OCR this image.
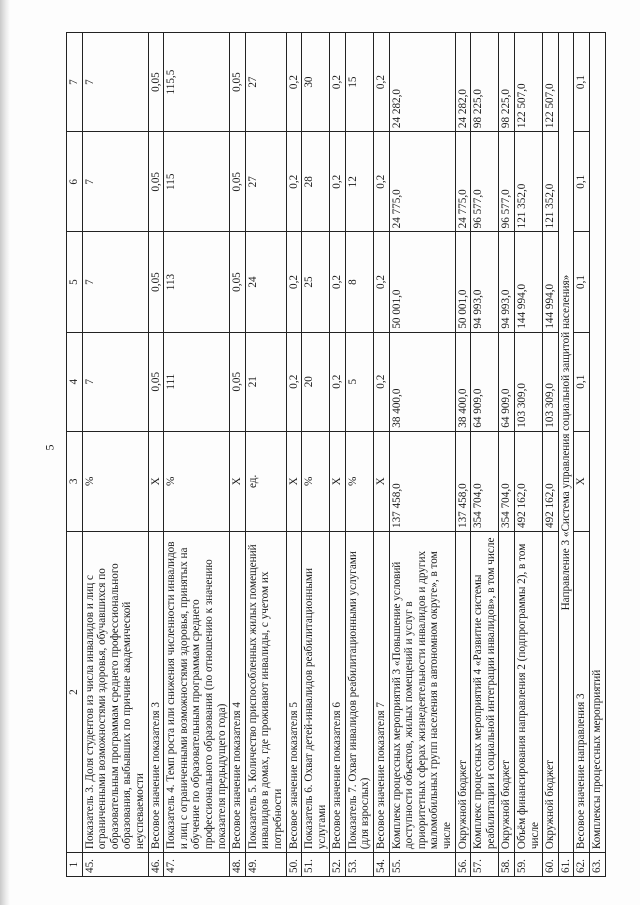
5
1	2	3	4	5	6	7
45.	Показатель 3. Доля студентов из числа инвалидов и лиц с ограниченными возможностями здоровья, обучавшихся по образовательным программам среднего профессионального образования, выбывших по причине академической неуспеваемости	%	7	7	7	7
46.	Весовое значение показателя 3	Х	0,05	0,05	0,05	0,05
47.	Показатель 4. Темп роста или снижения численности инвалидов и лиц с ограниченными возможностями здоровья, принятых на обучение по образовательным программам среднего профессионального образования (по отношению к значению показателя предыдущего года)	%	111	113	115	115,5
48.	Весовое значение показателя 4	Х	0,05	0,05	0,05	0,05
49.	Показатель 5. Количество приспособленных жилых помещений инвалидов в домах, где проживают инвалиды, с учетом их потребности	ед.	21	24	27	27
50.	Весовое значение показателя 5	Х	0,2	0,2	0,2	0,2
51.	Показатель 6. Охват детей-инвалидов реабилитационными услугами	%	20	25	28	30
52.	Весовое значение показателя 6	Х	0,2	0,2	0,2	0,2
53.	Показатель 7. Охват инвалидов реабилитационными услугами (для взрослых)	%	5	8	12	15
54.	Весовое значение показателя 7	Х	0,2	0,2	0,2	0,2
55.	Комплекс процессных мероприятий 3 «Повышение условий доступности объектов, жилых помещений и услуг в приоритетных сферах жизнедеятельности инвалидов и других маломобильных групп населения в автономном округе», в том числе	137 458,0	38 400,0	50 001,0	24 775,0	24 282,0
56.	Окружной бюджет	137 458,0	38 400,0	50 001,0	24 775,0	24 282,0
57.	Комплекс процессных мероприятий 4 «Развитие системы реабилитации и социальной интеграции инвалидов», в том числе	354 704,0	64 909,0	94 993,0	96 577,0	98 225,0
58.	Окружной бюджет	354 704,0	64 909,0	94 993,0	96 577,0	98 225,0
59.	Объём финансирования направления 2 (подпрограммы 2), в том числе	492 162,0	103 309,0	144 994,0	121 352,0	122 507,0
60.	Окружной бюджет	492 162,0	103 309,0	144 994,0	121 352,0	122 507,0
61.	Направление 3 «Система управления социальной защитой населения»					
62.	Весовое значение направления 3	Х	0,1	0,1	0,1	0,1
63.	Комплексы процессных мероприятий					
